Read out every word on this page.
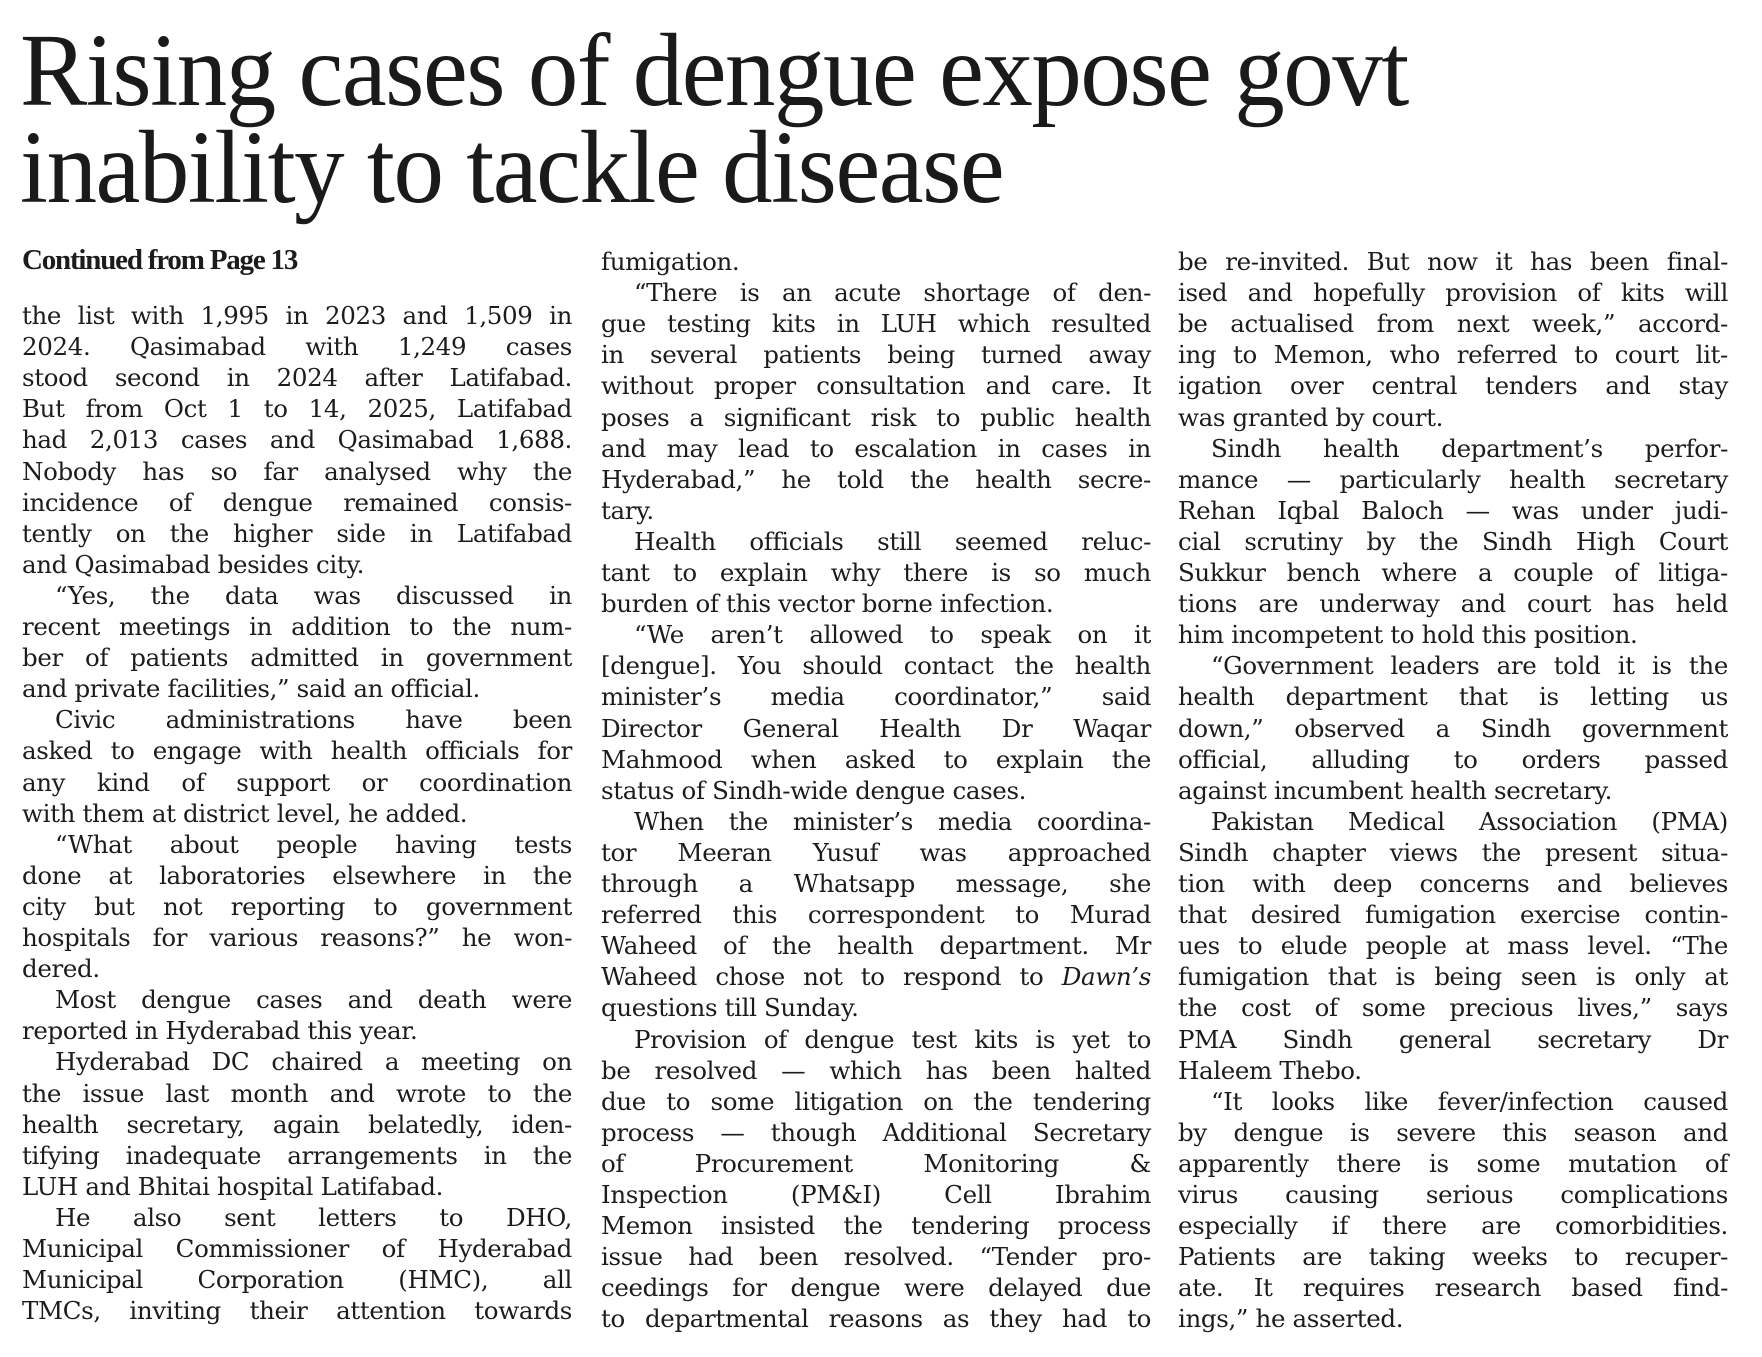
Rising cases of dengue expose govt
inability to tackle disease
Continued from Page 13
the list with 1,995 in 2023 and 1,509 in
2024. Qasimabad with 1,249 cases
stood second in 2024 after Latifabad.
But from Oct 1 to 14, 2025, Latifabad
had 2,013 cases and Qasimabad 1,688.
Nobody has so far analysed why the
incidence of dengue remained consis-
tently on the higher side in Latifabad
and Qasimabad besides city.
“Yes, the data was discussed in
recent meetings in addition to the num-
ber of patients admitted in government
and private facilities,” said an official.
Civic administrations have been
asked to engage with health officials for
any kind of support or coordination
with them at district level, he added.
“What about people having tests
done at laboratories elsewhere in the
city but not reporting to government
hospitals for various reasons?” he won-
dered.
Most dengue cases and death were
reported in Hyderabad this year.
Hyderabad DC chaired a meeting on
the issue last month and wrote to the
health secretary, again belatedly, iden-
tifying inadequate arrangements in the
LUH and Bhitai hospital Latifabad.
He also sent letters to DHO,
Municipal Commissioner of Hyderabad
Municipal Corporation (HMC), all
TMCs, inviting their attention towards
fumigation.
“There is an acute shortage of den-
gue testing kits in LUH which resulted
in several patients being turned away
without proper consultation and care. It
poses a significant risk to public health
and may lead to escalation in cases in
Hyderabad,” he told the health secre-
tary.
Health officials still seemed reluc-
tant to explain why there is so much
burden of this vector borne infection.
“We aren’t allowed to speak on it
[dengue]. You should contact the health
minister’s media coordinator,” said
Director General Health Dr Waqar
Mahmood when asked to explain the
status of Sindh-wide dengue cases.
When the minister’s media coordina-
tor Meeran Yusuf was approached
through a Whatsapp message, she
referred this correspondent to Murad
Waheed of the health department. Mr
Waheed chose not to respond to Dawn’s
questions till Sunday.
Provision of dengue test kits is yet to
be resolved — which has been halted
due to some litigation on the tendering
process — though Additional Secretary
of Procurement Monitoring &
Inspection (PM&I) Cell Ibrahim
Memon insisted the tendering process
issue had been resolved. “Tender pro-
ceedings for dengue were delayed due
to departmental reasons as they had to
be re-invited. But now it has been final-
ised and hopefully provision of kits will
be actualised from next week,” accord-
ing to Memon, who referred to court lit-
igation over central tenders and stay
was granted by court.
Sindh health department’s perfor-
mance — particularly health secretary
Rehan Iqbal Baloch — was under judi-
cial scrutiny by the Sindh High Court
Sukkur bench where a couple of litiga-
tions are underway and court has held
him incompetent to hold this position.
“Government leaders are told it is the
health department that is letting us
down,” observed a Sindh government
official, alluding to orders passed
against incumbent health secretary.
Pakistan Medical Association (PMA)
Sindh chapter views the present situa-
tion with deep concerns and believes
that desired fumigation exercise contin-
ues to elude people at mass level. “The
fumigation that is being seen is only at
the cost of some precious lives,” says
PMA Sindh general secretary Dr
Haleem Thebo.
“It looks like fever/infection caused
by dengue is severe this season and
apparently there is some mutation of
virus causing serious complications
especially if there are comorbidities.
Patients are taking weeks to recuper-
ate. It requires research based find-
ings,” he asserted.
